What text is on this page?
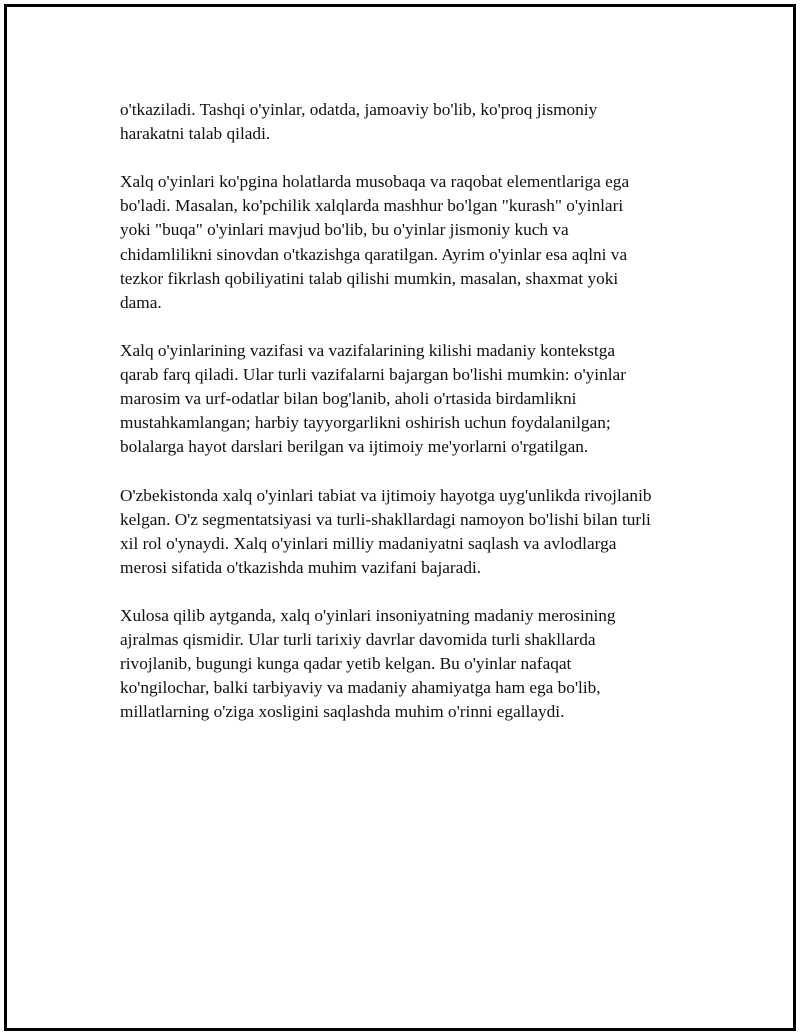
o'tkaziladi. Tashqi o'yinlar, odatda, jamoaviy bo'lib, ko'proq jismoniy
harakatni talab qiladi.

Xalq o'yinlari ko'pgina holatlarda musobaqa va raqobat elementlariga ega
bo'ladi. Masalan, ko'pchilik xalqlarda mashhur bo'lgan "kurash" o'yinlari
yoki "buqa" o'yinlari mavjud bo'lib, bu o'yinlar jismoniy kuch va
chidamlilikni sinovdan o'tkazishga qaratilgan. Ayrim o'yinlar esa aqlni va
tezkor fikrlash qobiliyatini talab qilishi mumkin, masalan, shaxmat yoki
dama.

Xalq o'yinlarining vazifasi va vazifalarining kilishi madaniy kontekstga
qarab farq qiladi. Ular turli vazifalarni bajargan bo'lishi mumkin: o'yinlar
marosim va urf-odatlar bilan bog'lanib, aholi o'rtasida birdamlikni
mustahkamlangan; harbiy tayyorgarlikni oshirish uchun foydalanilgan;
bolalarga hayot darslari berilgan va ijtimoiy me'yorlarni o'rgatilgan.

O'zbekistonda xalq o'yinlari tabiat va ijtimoiy hayotga uyg'unlikda rivojlanib
kelgan. O'z segmentatsiyasi va turli-shakllardagi namoyon bo'lishi bilan turli
xil rol o'ynaydi. Xalq o'yinlari milliy madaniyatni saqlash va avlodlarga
merosi sifatida o'tkazishda muhim vazifani bajaradi.

Xulosa qilib aytganda, xalq o'yinlari insoniyatning madaniy merosining
ajralmas qismidir. Ular turli tarixiy davrlar davomida turli shakllarda
rivojlanib, bugungi kunga qadar yetib kelgan. Bu o'yinlar nafaqat
ko'ngilochar, balki tarbiyaviy va madaniy ahamiyatga ham ega bo'lib,
millatlarning o'ziga xosligini saqlashda muhim o'rinni egallaydi.
